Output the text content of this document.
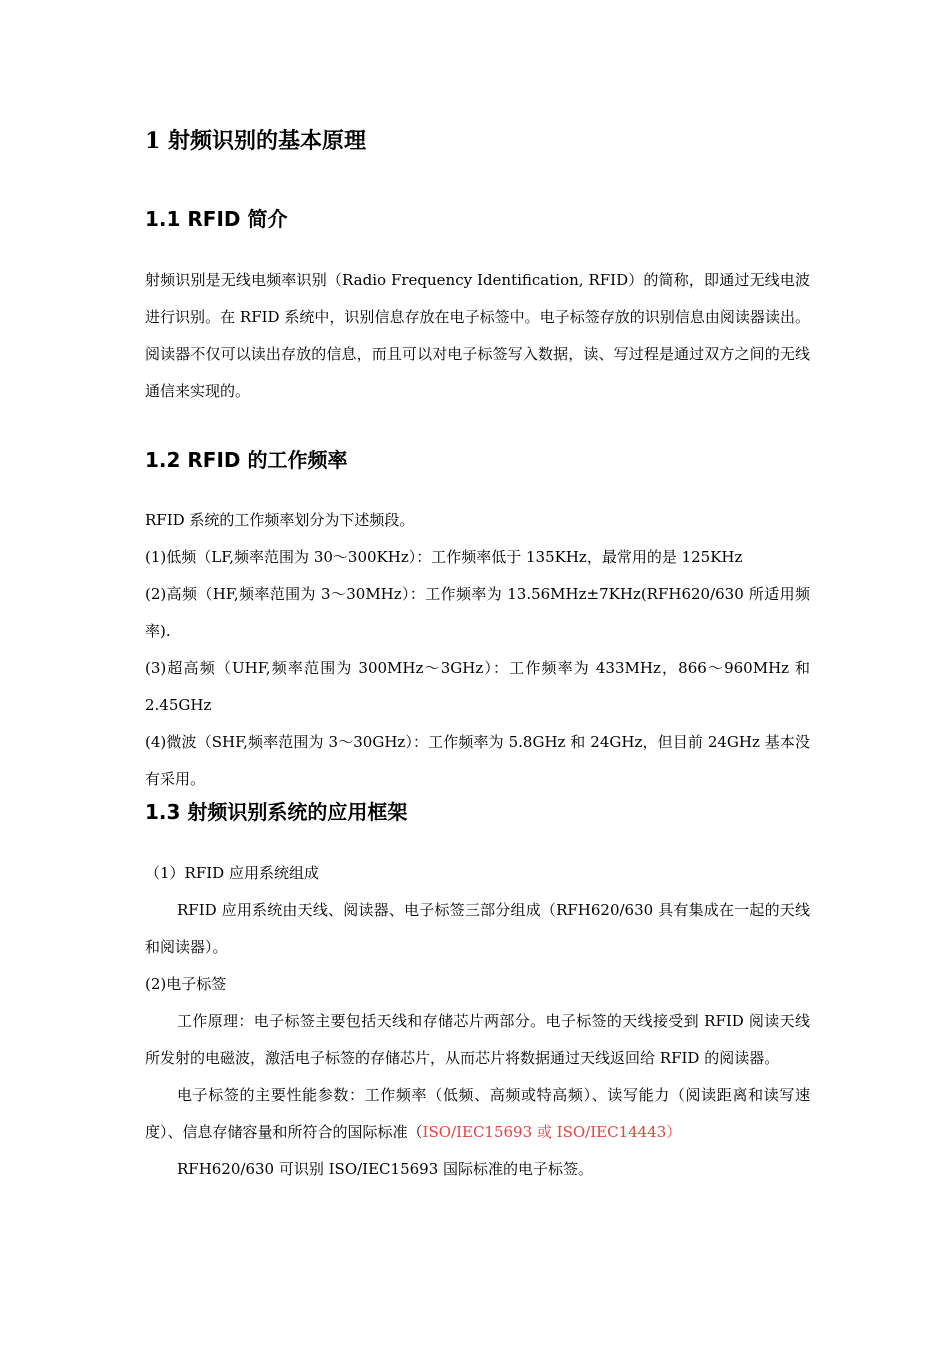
1 射频识别的基本原理
1.1 RFID 简介

射频识别是无线电频率识别（Radio Frequency Identification, RFID）的简称，即通过无线电波进行识别。在 RFID 系统中，识别信息存放在电子标签中。电子标签存放的识别信息由阅读器读出。阅读器不仅可以读出存放的信息，而且可以对电子标签写入数据，读、写过程是通过双方之间的无线通信来实现的。

1.2 RFID 的工作频率

RFID 系统的工作频率划分为下述频段。

(1)低频（LF,频率范围为 30～300KHz）：工作频率低于 135KHz，最常用的是 125KHz

(2)高频（HF,频率范围为 3～30MHz）：工作频率为 13.56MHz±7KHz(RFH620/630 所适用频率).

(3)超高频（UHF,频率范围为 300MHz～3GHz）：工作频率为 433MHz，866～960MHz 和 2.45GHz

(4)微波（SHF,频率范围为 3～30GHz）：工作频率为 5.8GHz 和 24GHz，但目前 24GHz 基本没有采用。

1.3 射频识别系统的应用框架

（1）RFID 应用系统组成

RFID 应用系统由天线、阅读器、电子标签三部分组成（RFH620/630 具有集成在一起的天线和阅读器）。

(2)电子标签

工作原理：电子标签主要包括天线和存储芯片两部分。电子标签的天线接受到 RFID 阅读天线所发射的电磁波，激活电子标签的存储芯片，从而芯片将数据通过天线返回给 RFID 的阅读器。

电子标签的主要性能参数：工作频率（低频、高频或特高频）、读写能力（阅读距离和读写速度）、信息存储容量和所符合的国际标准（ISO/IEC15693 或 ISO/IEC14443）

RFH620/630 可识别 ISO/IEC15693 国际标准的电子标签。
